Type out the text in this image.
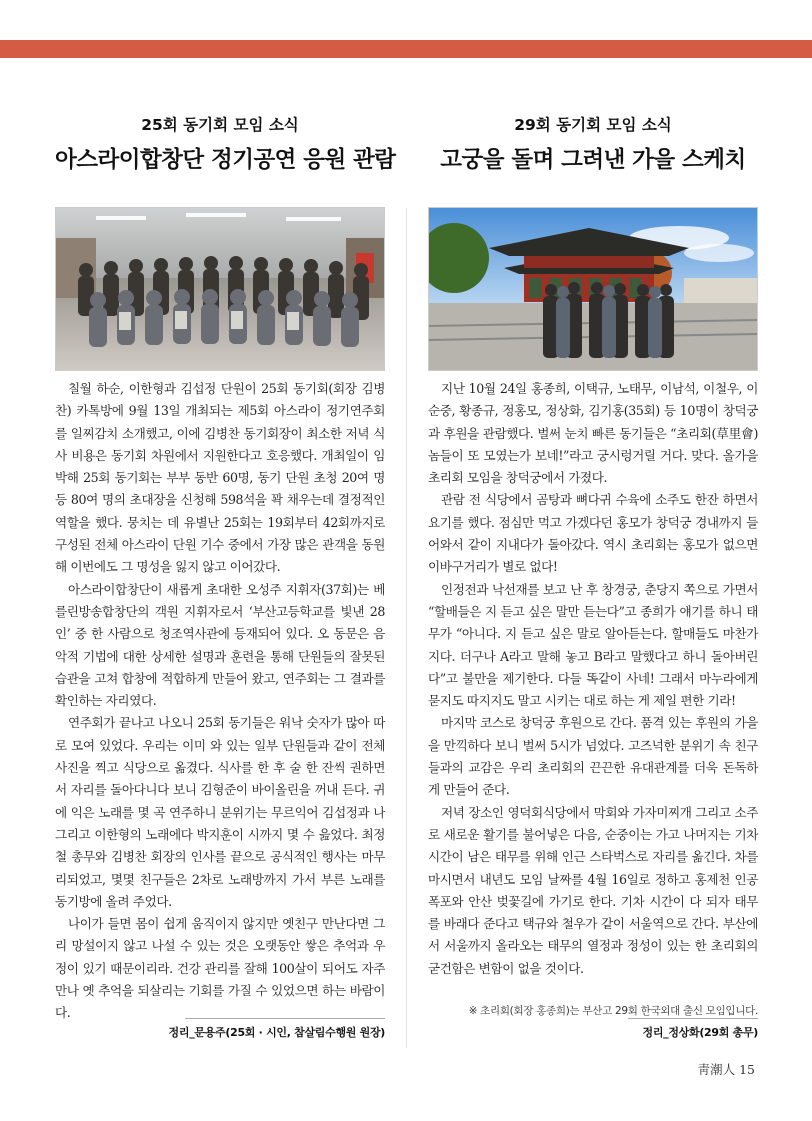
25회 동기회 모임 소식
아스라이합창단 정기공연 응원 관람

칠월 하순, 이한형과 김섭정 단원이 25회 동기회(회장 김병찬) 카톡방에 9월 13일 개최되는 제5회 아스라이 정기연주회를 일찌감치 소개했고, 이에 김병찬 동기회장이 최소한 저녁 식사 비용은 동기회 차원에서 지원한다고 호응했다. 개최일이 임박해 25회 동기회는 부부 동반 60명, 동기 단원 초청 20여 명 등 80여 명의 초대장을 신청해 598석을 꽉 채우는데 결정적인 역할을 했다. 뭉치는 데 유별난 25회는 19회부터 42회까지로 구성된 전체 아스라이 단원 기수 중에서 가장 많은 관객을 동원해 이번에도 그 명성을 잃지 않고 이어갔다.

아스라이합창단이 새롭게 초대한 오성주 지휘자(37회)는 베를린방송합창단의 객원 지휘자로서 ‘부산고등학교를 빛낸 28인’ 중 한 사람으로 청조역사관에 등재되어 있다. 오 동문은 음악적 기법에 대한 상세한 설명과 훈련을 통해 단원들의 잘못된 습관을 고쳐 합창에 적합하게 만들어 왔고, 연주회는 그 결과를 확인하는 자리였다.

연주회가 끝나고 나오니 25회 동기들은 워낙 숫자가 많아 따로 모여 있었다. 우리는 이미 와 있는 일부 단원들과 같이 전체 사진을 찍고 식당으로 옮겼다. 식사를 한 후 술 한 잔씩 권하면서 자리를 돌아다니다 보니 김형준이 바이올린을 꺼내 든다. 귀에 익은 노래를 몇 곡 연주하니 분위기는 무르익어 김섭정과 나 그리고 이한형의 노래에다 박지훈이 시까지 몇 수 읊었다. 최정철 총무와 김병찬 회장의 인사를 끝으로 공식적인 행사는 마무리되었고, 몇몇 친구들은 2차로 노래방까지 가서 부른 노래를 동기방에 올려 주었다.

나이가 들면 몸이 쉽게 움직이지 않지만 옛친구 만난다면 그리 망설이지 않고 나설 수 있는 것은 오랫동안 쌓은 추억과 우정이 있기 때문이리라. 건강 관리를 잘해 100살이 되어도 자주 만나 옛 추억을 되살리는 기회를 가질 수 있었으면 하는 바람이다.

정리_문용주(25회 · 시인, 참살림수행원 원장)
29회 동기회 모임 소식
고궁을 돌며 그려낸 가을 스케치

지난 10월 24일 홍종희, 이택규, 노태무, 이남석, 이철우, 이순중, 황종규, 정홍모, 정상화, 김기홍(35회) 등 10명이 창덕궁과 후원을 관람했다. 벌써 눈치 빠른 동기들은 “초리회(草里會) 놈들이 또 모였는가 보네!”라고 궁시렁거릴 거다. 맞다. 올가을 초리회 모임을 창덕궁에서 가졌다.

관람 전 식당에서 곰탕과 뼈다귀 수육에 소주도 한잔 하면서 요기를 했다. 점심만 먹고 가겠다던 홍모가 창덕궁 경내까지 들어와서 같이 지내다가 돌아갔다. 역시 초리회는 홍모가 없으면 이바구거리가 별로 없다!

인정전과 낙선재를 보고 난 후 창경궁, 춘당지 쪽으로 가면서 “할배들은 지 듣고 싶은 말만 듣는다”고 종희가 얘기를 하니 태무가 “아니다. 지 듣고 싶은 말로 알아듣는다. 할매들도 마찬가지다. 더구나 A라고 말해 놓고 B라고 말했다고 하니 돌아버린다”고 불만을 제기한다. 다들 똑같이 사네! 그래서 마누라에게 묻지도 따지지도 말고 시키는 대로 하는 게 제일 편한 기라!

마지막 코스로 창덕궁 후원으로 간다. 품격 있는 후원의 가을을 만끽하다 보니 벌써 5시가 넘었다. 고즈넉한 분위기 속 친구들과의 교감은 우리 초리회의 끈끈한 유대관계를 더욱 돈독하게 만들어 준다.

저녁 장소인 영덕회식당에서 막회와 가자미찌개 그리고 소주로 새로운 활기를 불어넣은 다음, 순중이는 가고 나머지는 기차 시간이 남은 태무를 위해 인근 스타벅스로 자리를 옮긴다. 차를 마시면서 내년도 모임 날짜를 4월 16일로 정하고 홍제천 인공폭포와 안산 벚꽃길에 가기로 한다. 기차 시간이 다 되자 태무를 바래다 준다고 택규와 철우가 같이 서울역으로 간다. 부산에서 서울까지 올라오는 태무의 열정과 정성이 있는 한 초리회의 굳건함은 변함이 없을 것이다.

※ 초리회(회장 홍종희)는 부산고 29회 한국외대 출신 모임입니다.
정리_정상화(29회 총무)
靑潮人 15
